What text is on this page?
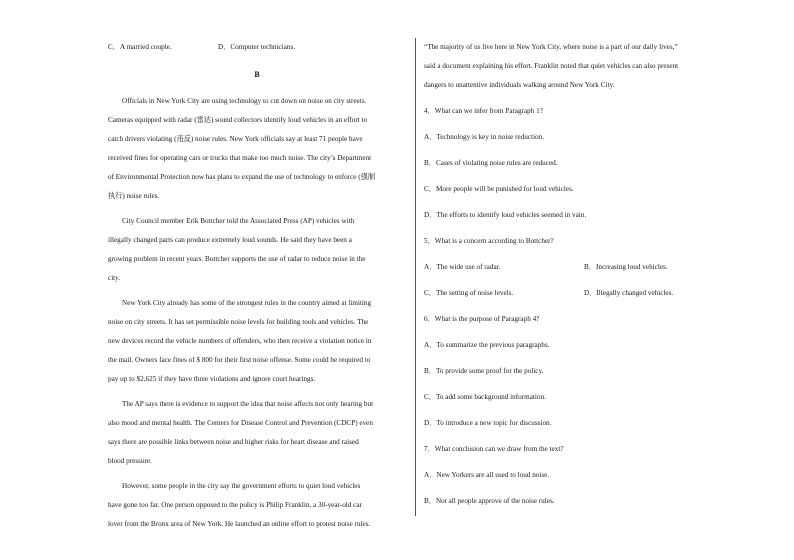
C．A married couple.	D．Computer technicians.
B
Officials in New York City are using technology to cut down on noise on city streets.
Cameras equipped with radar (雷达) sound collectors identify loud vehicles in an effort to
catch drivers violating (违反) noise rules. New York officials say at least 71 people have
received fines for operating cars or trucks that make too much noise. The city’s Department
of Environmental Protection now has plans to expand the use of technology to enforce (强制
执行) noise rules.
City Council member Erik Bottcher told the Associated Press (AP) vehicles with
illegally changed parts can produce extremely loud sounds. He said they have been a
growing problem in recent years. Bottcher supports the use of radar to reduce noise in the
city.
New York City already has some of the strongest rules in the country aimed at limiting
noise on city streets. It has set permissible noise levels for building tools and vehicles. The
new devices record the vehicle numbers of offenders, who then receive a violation notice in
the mail. Owners face fines of $ 800 for their first noise offense. Some could be required to
pay up to $2,625 if they have three violations and ignore court hearings.
The AP says there is evidence to support the idea that noise affects not only hearing but
also mood and mental health. The Centers for Disease Control and Prevention (CDCP) even
says there are possible links between noise and higher risks for heart disease and raised
blood pressure.
However, some people in the city say the government efforts to quiet loud vehicles
have gone too far. One person opposed to the policy is Philip Franklin, a 30-year-old car
lover from the Bronx area of New York. He launched an online effort to protest noise rules.
“The majority of us live here in New York City, where noise is a part of our daily lives,”
said a document explaining his effort. Franklin noted that quiet vehicles can also present
dangers to unattentive individuals walking around New York City.
4．What can we infer from Paragraph 1?
A．Technology is key in noise reduction.
B．Cases of violating noise rules are reduced.
C．More people will be punished for loud vehicles.
D．The efforts to identify loud vehicles seemed in vain.
5．What is a concern according to Bottcher?
A．The wide use of radar.	B．Increasing loud vehicles.
C．The setting of noise levels.	D．Illegally changed vehicles.
6．What is the purpose of Paragraph 4?
A．To summarize the previous paragraphs.
B．To provide some proof for the policy.
C．To add some background information.
D．To introduce a new topic for discussion.
7．What conclusion can we draw from the text?
A．New Yorkers are all used to loud noise.
B．Not all people approve of the noise rules.
